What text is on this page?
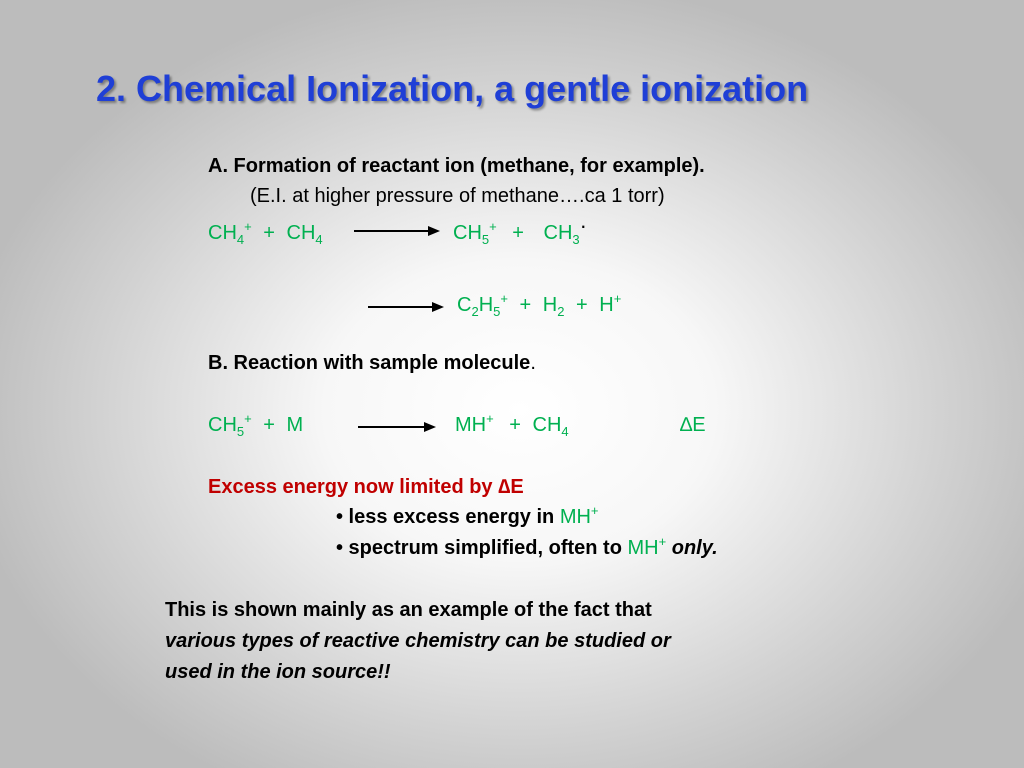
2. Chemical Ionization, a gentle ionization
A. Formation of reactant ion (methane, for example).
(E.I. at higher pressure of methane….ca 1 torr)
$CH_4^+ + CH_4$	$CH_5^+ + CH_3^\cdot$
$C_2H_5^+ + H_2 + H^+$
B. Reaction with sample molecule.
$CH_5^+ + M$	$MH^+ + CH_4$	∆E
Excess energy now limited by ∆E
• less excess energy in MH+
• spectrum simplified, often to MH+ only.
This is shown mainly as an example of the fact that
various types of reactive chemistry can be studied or
used in the ion source!!
